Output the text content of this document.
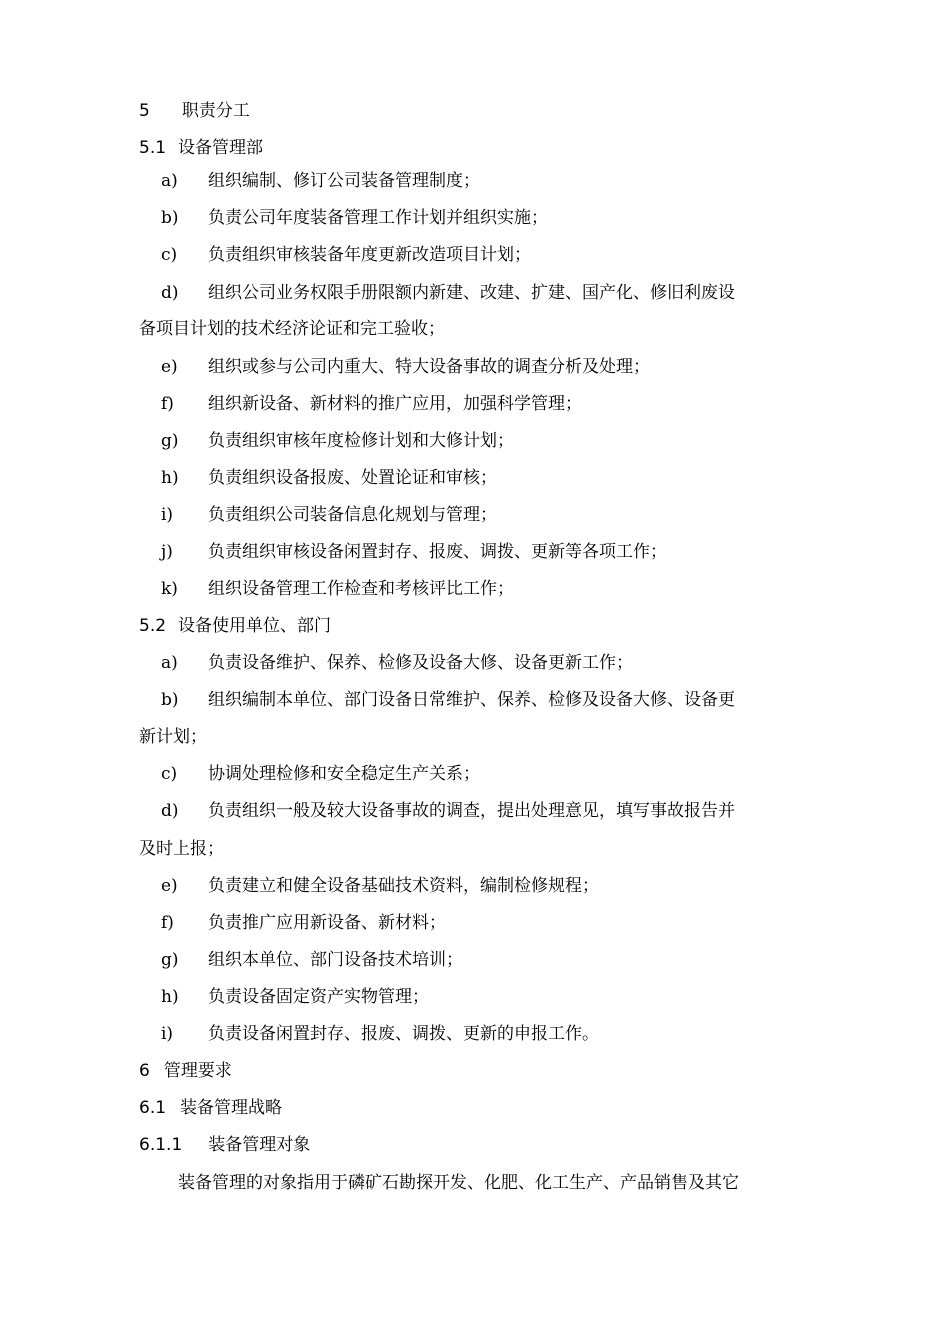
5 职责分工
5.1 设备管理部
a)	组织编制、修订公司装备管理制度；
b)	负责公司年度装备管理工作计划并组织实施；
c)	负责组织审核装备年度更新改造项目计划；
d)	组织公司业务权限手册限额内新建、改建、扩建、国产化、修旧利废设
备项目计划的技术经济论证和完工验收；
e)	组织或参与公司内重大、特大设备事故的调查分析及处理；
f)	组织新设备、新材料的推广应用，加强科学管理；
g)	负责组织审核年度检修计划和大修计划；
h)	负责组织设备报废、处置论证和审核；
i)	负责组织公司装备信息化规划与管理；
j)	负责组织审核设备闲置封存、报废、调拨、更新等各项工作；
k)	组织设备管理工作检查和考核评比工作；
5.2 设备使用单位、部门
a)	负责设备维护、保养、检修及设备大修、设备更新工作；
b)	组织编制本单位、部门设备日常维护、保养、检修及设备大修、设备更
新计划；
c)	协调处理检修和安全稳定生产关系；
d)	负责组织一般及较大设备事故的调查，提出处理意见，填写事故报告并
及时上报；
e)	负责建立和健全设备基础技术资料，编制检修规程；
f)	负责推广应用新设备、新材料；
g)	组织本单位、部门设备技术培训；
h)	负责设备固定资产实物管理；
i)	负责设备闲置封存、报废、调拨、更新的申报工作。
6 管理要求
6.1 装备管理战略
6.1.1 装备管理对象
装备管理的对象指用于磷矿石勘探开发、化肥、化工生产、产品销售及其它
